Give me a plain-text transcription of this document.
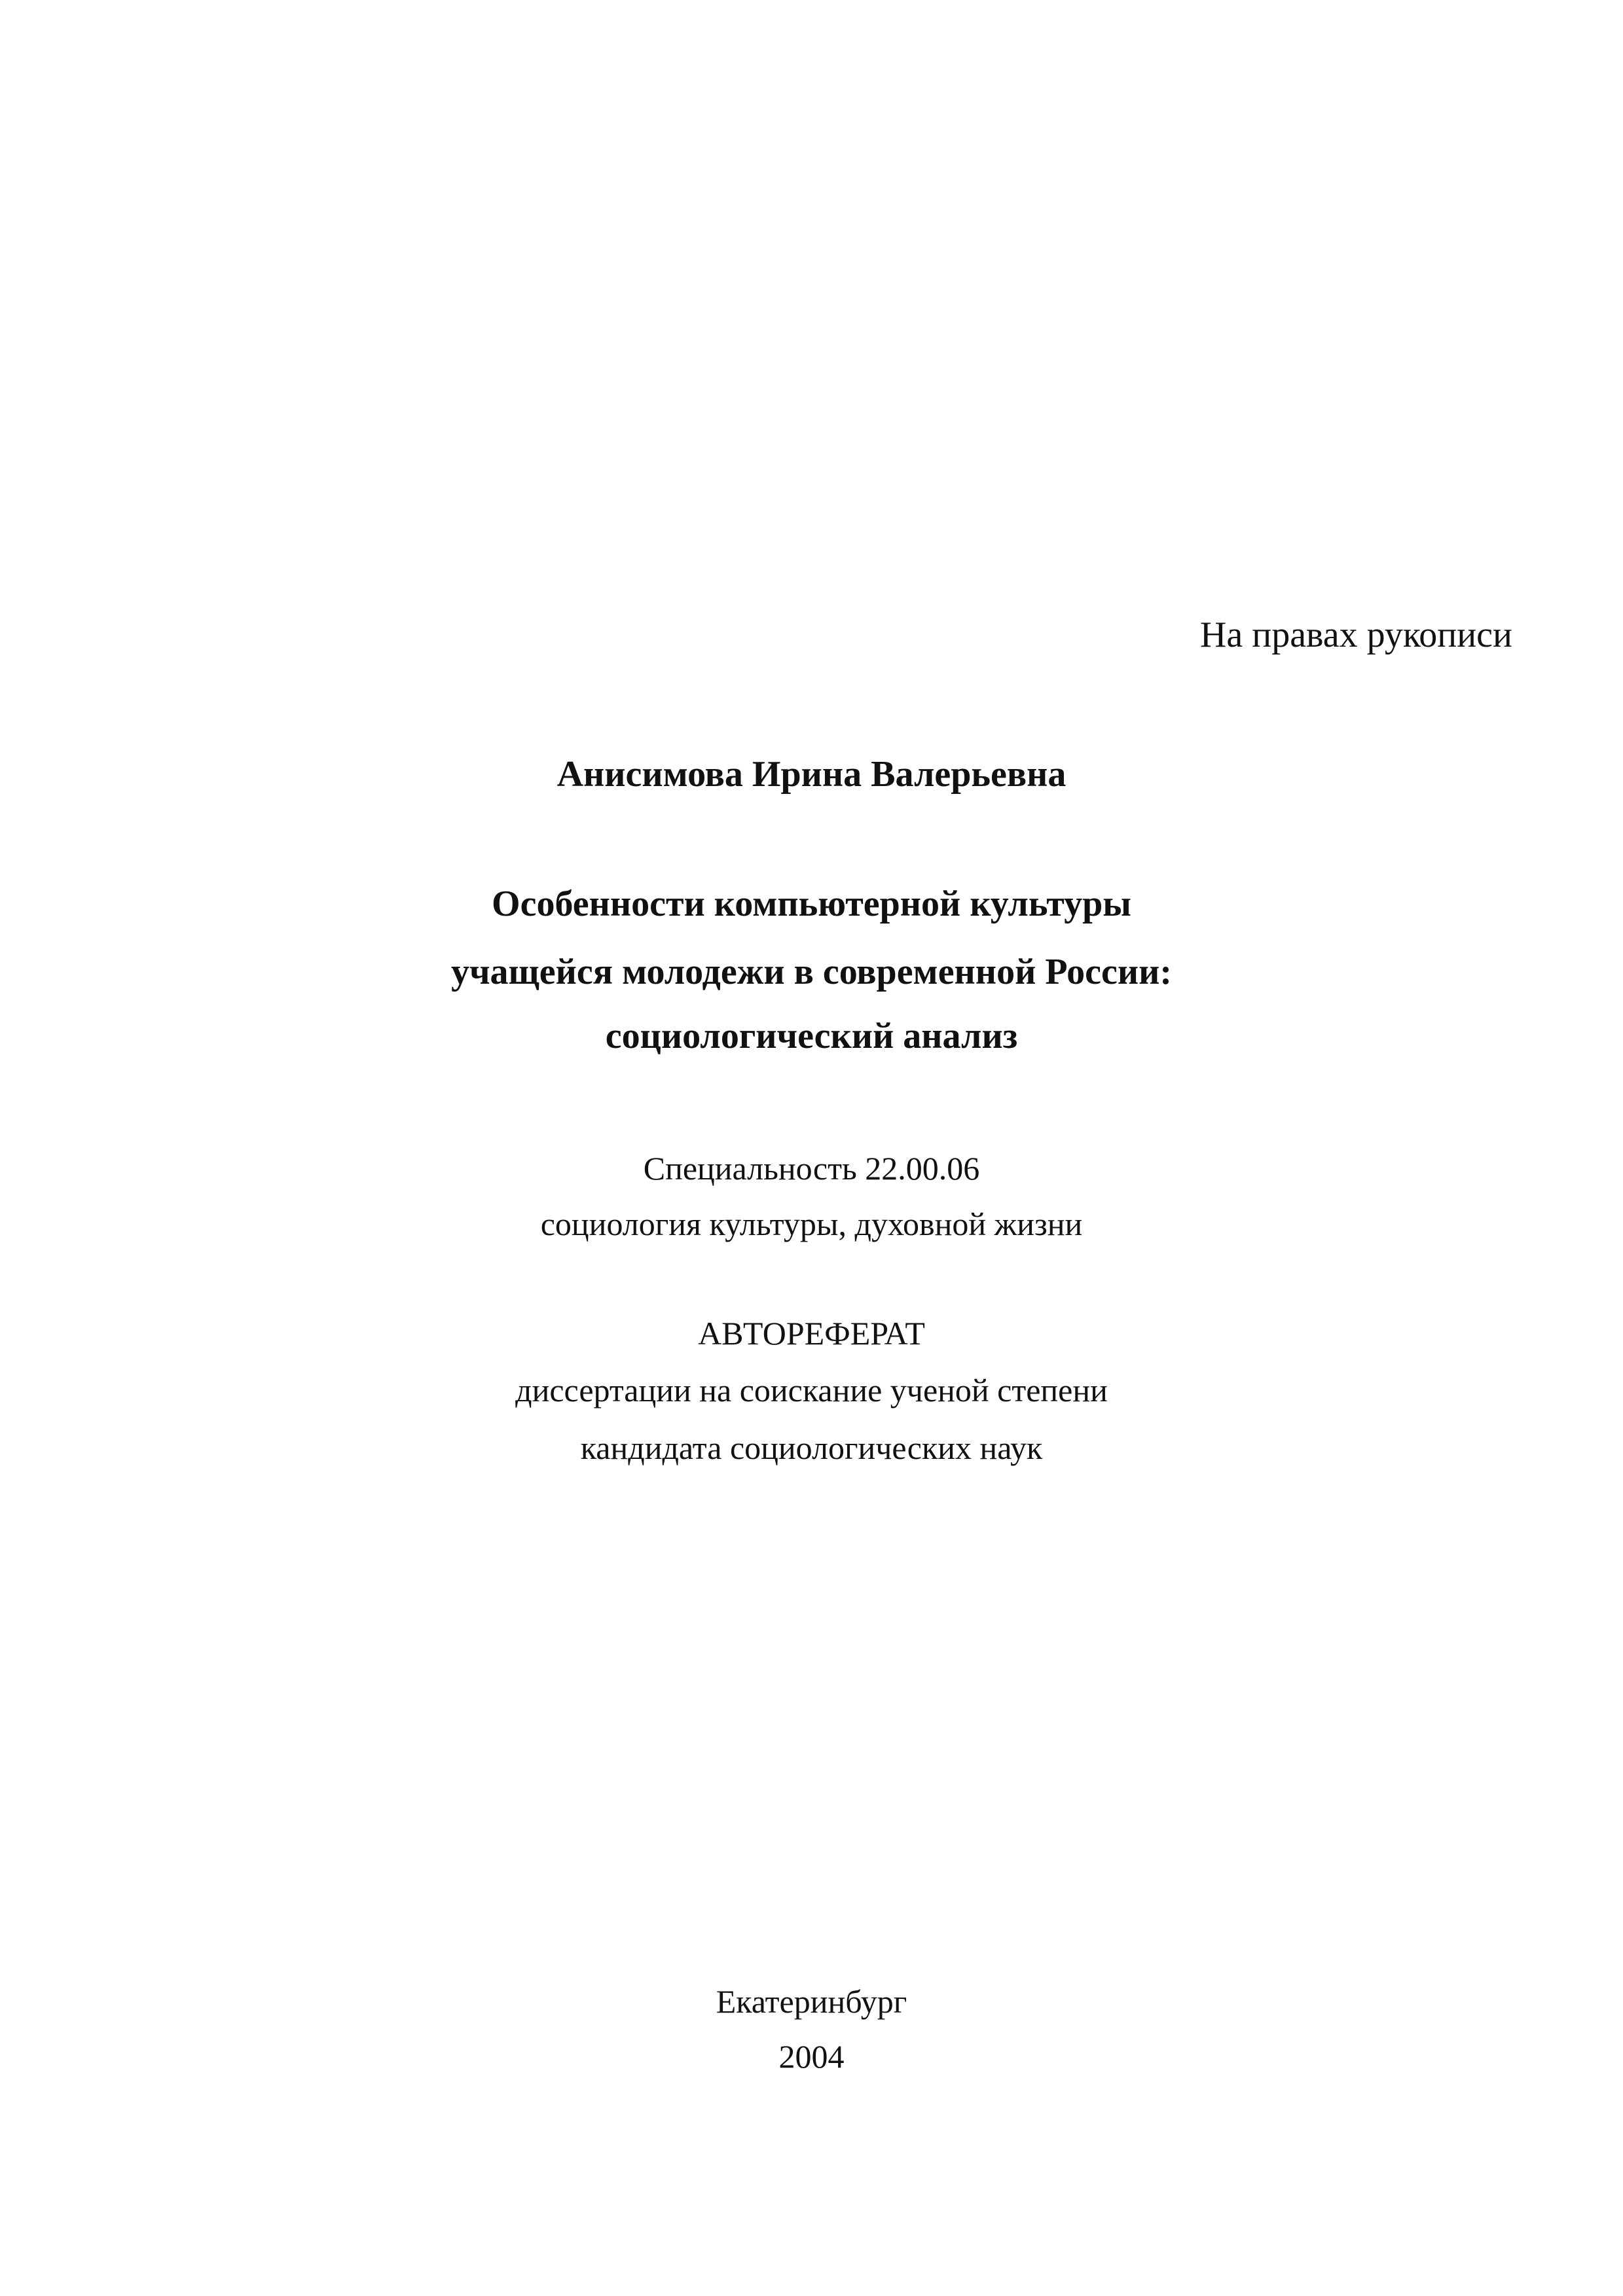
На правах рукописи

Анисимова Ирина Валерьевна

Особенности компьютерной культуры

учащейся молодежи в современной России:

социологический анализ

Специальность 22.00.06

социология культуры, духовной жизни

АВТОРЕФЕРАТ

диссертации на соискание ученой степени

кандидата социологических наук

Екатеринбург

2004
